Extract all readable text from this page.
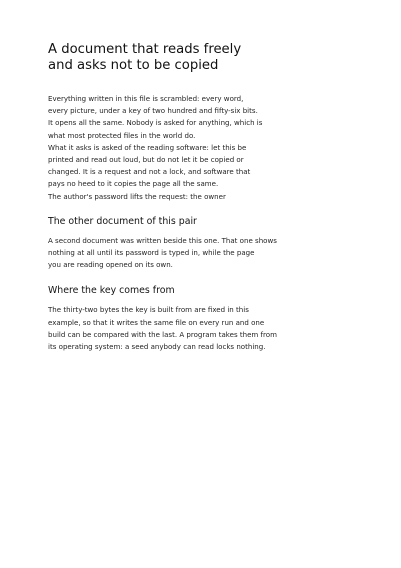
A document that reads freely
and asks not to be copied
Everything written in this file is scrambled: every word,
every picture, under a key of two hundred and fifty-six bits.
It opens all the same. Nobody is asked for anything, which is
what most protected files in the world do.
What it asks is asked of the reading software: let this be
printed and read out loud, but do not let it be copied or
changed. It is a request and not a lock, and software that
pays no heed to it copies the page all the same.
The author's password lifts the request: the owner
The other document of this pair
A second document was written beside this one. That one shows
nothing at all until its password is typed in, while the page
you are reading opened on its own.
Where the key comes from
The thirty-two bytes the key is built from are fixed in this
example, so that it writes the same file on every run and one
build can be compared with the last. A program takes them from
its operating system: a seed anybody can read locks nothing.
